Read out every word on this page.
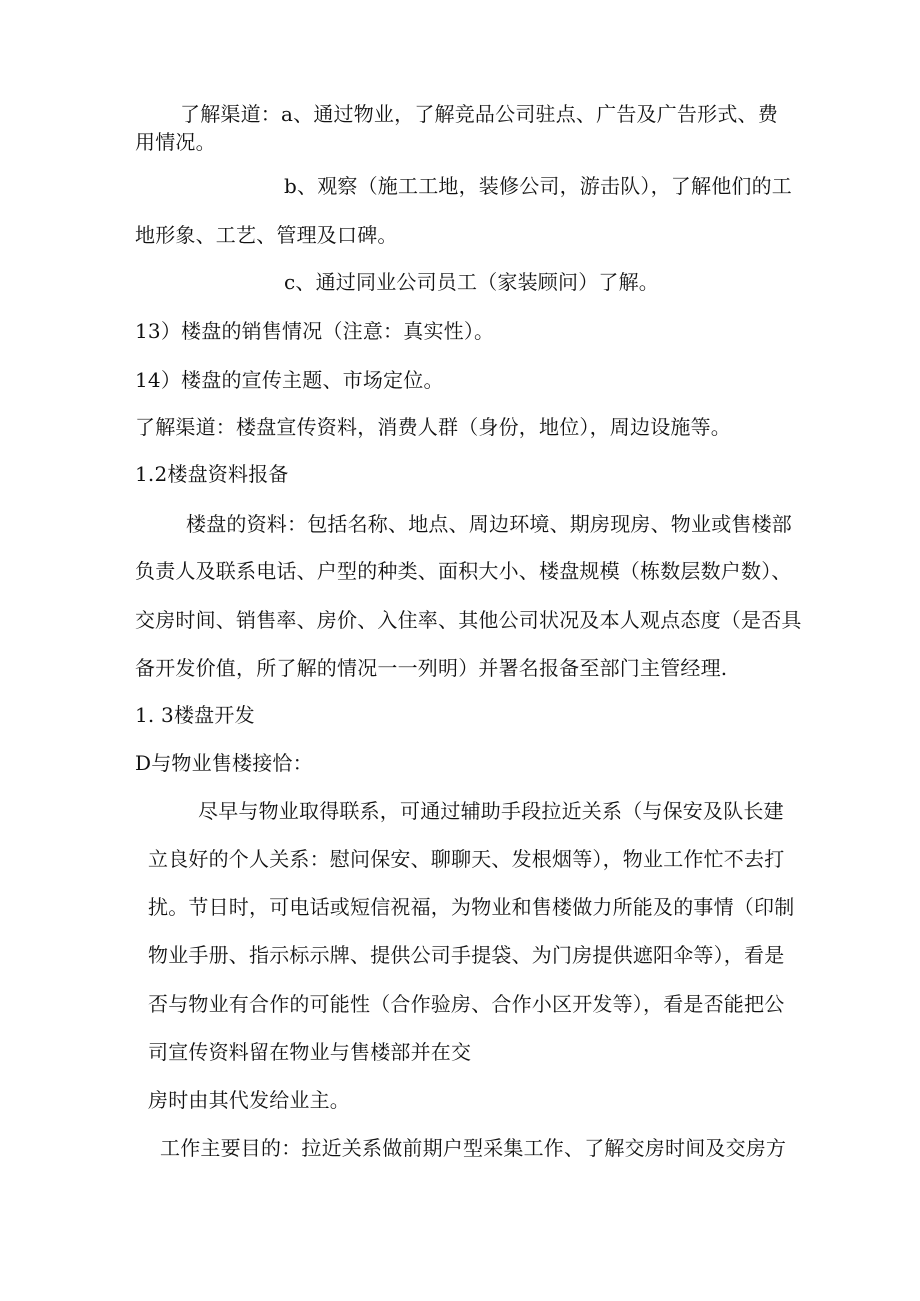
了解渠道：a、通过物业，了解竞品公司驻点、广告及广告形式、费
用情况。
b、观察（施工工地，装修公司，游击队），了解他们的工
地形象、工艺、管理及口碑。
c、通过同业公司员工（家装顾问）了解。
13）楼盘的销售情况（注意：真实性）。
14）楼盘的宣传主题、市场定位。
了解渠道：楼盘宣传资料，消费人群（身份，地位），周边设施等。
1.2楼盘资料报备
楼盘的资料：包括名称、地点、周边环境、期房现房、物业或售楼部
负责人及联系电话、户型的种类、面积大小、楼盘规模（栋数层数户数）、
交房时间、销售率、房价、入住率、其他公司状况及本人观点态度（是否具
备开发价值，所了解的情况一一列明）并署名报备至部门主管经理.
1. 3楼盘开发
D与物业售楼接恰：
尽早与物业取得联系，可通过辅助手段拉近关系（与保安及队长建
立良好的个人关系：慰问保安、聊聊天、发根烟等），物业工作忙不去打
扰。节日时，可电话或短信祝福，为物业和售楼做力所能及的事情（印制
物业手册、指示标示牌、提供公司手提袋、为门房提供遮阳伞等），看是
否与物业有合作的可能性（合作验房、合作小区开发等），看是否能把公
司宣传资料留在物业与售楼部并在交
房时由其代发给业主。
工作主要目的：拉近关系做前期户型采集工作、了解交房时间及交房方
